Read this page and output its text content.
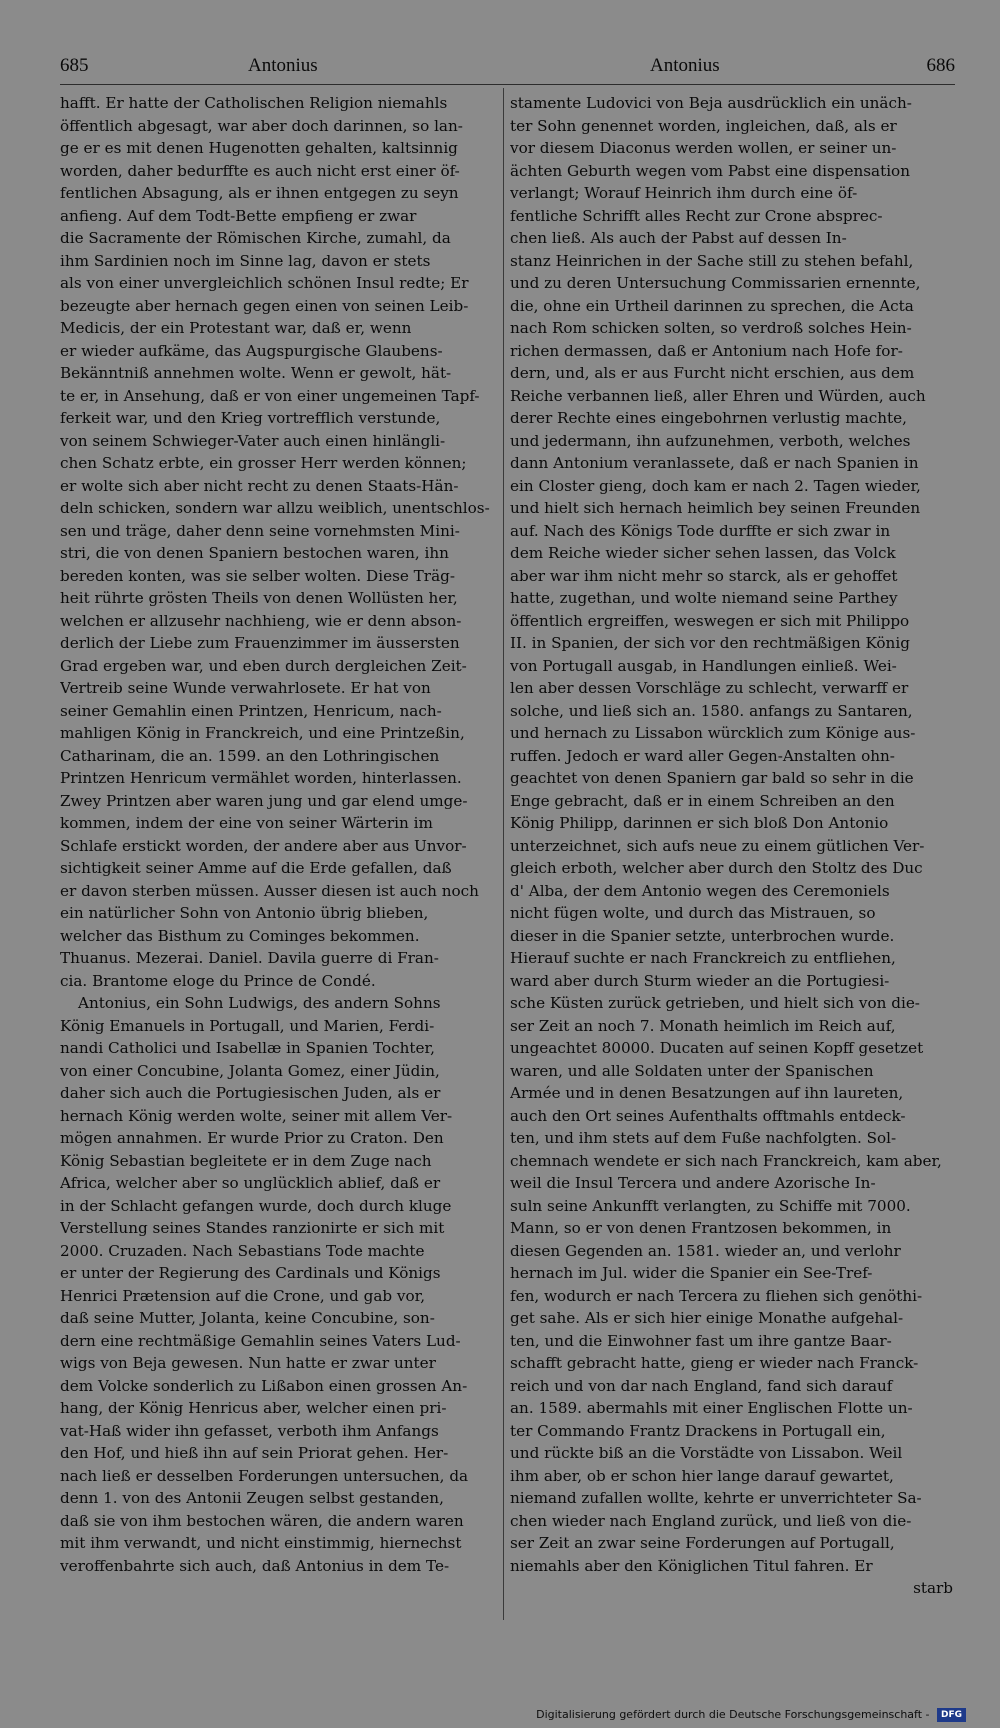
685	Antonius	Antonius	686
hafft. Er hatte der Catholischen Religion niemahls
öffentlich abgesagt, war aber doch darinnen, so lan-
ge er es mit denen Hugenotten gehalten, kaltsinnig
worden, daher bedurffte es auch nicht erst einer öf-
fentlichen Absagung, als er ihnen entgegen zu seyn
anfieng. Auf dem Todt-Bette empfieng er zwar
die Sacramente der Römischen Kirche, zumahl, da
ihm Sardinien noch im Sinne lag, davon er stets
als von einer unvergleichlich schönen Insul redte; Er
bezeugte aber hernach gegen einen von seinen Leib-
Medicis, der ein Protestant war, daß er, wenn
er wieder aufkäme, das Augspurgische Glaubens-
Bekänntniß annehmen wolte. Wenn er gewolt, hät-
te er, in Ansehung, daß er von einer ungemeinen Tapf-
ferkeit war, und den Krieg vortrefflich verstunde,
von seinem Schwieger-Vater auch einen hinlängli-
chen Schatz erbte, ein grosser Herr werden können;
er wolte sich aber nicht recht zu denen Staats-Hän-
deln schicken, sondern war allzu weiblich, unentschlos-
sen und träge, daher denn seine vornehmsten Mini-
stri, die von denen Spaniern bestochen waren, ihn
bereden konten, was sie selber wolten. Diese Träg-
heit rührte grösten Theils von denen Wollüsten her,
welchen er allzusehr nachhieng, wie er denn abson-
derlich der Liebe zum Frauenzimmer im äussersten
Grad ergeben war, und eben durch dergleichen Zeit-
Vertreib seine Wunde verwahrlosete. Er hat von
seiner Gemahlin einen Printzen, Henricum, nach-
mahligen König in Franckreich, und eine Printzeßin,
Catharinam, die an. 1599. an den Lothringischen
Printzen Henricum vermählet worden, hinterlassen.
Zwey Printzen aber waren jung und gar elend umge-
kommen, indem der eine von seiner Wärterin im
Schlafe erstickt worden, der andere aber aus Unvor-
sichtigkeit seiner Amme auf die Erde gefallen, daß
er davon sterben müssen. Ausser diesen ist auch noch
ein natürlicher Sohn von Antonio übrig blieben,
welcher das Bisthum zu Cominges bekommen.
Thuanus. Mezerai. Daniel. Davila guerre di Fran-
cia. Brantome eloge du Prince de Condé.
Antonius, ein Sohn Ludwigs, des andern Sohns
König Emanuels in Portugall, und Marien, Ferdi-
nandi Catholici und Isabellæ in Spanien Tochter,
von einer Concubine, Jolanta Gomez, einer Jüdin,
daher sich auch die Portugiesischen Juden, als er
hernach König werden wolte, seiner mit allem Ver-
mögen annahmen. Er wurde Prior zu Craton. Den
König Sebastian begleitete er in dem Zuge nach
Africa, welcher aber so unglücklich ablief, daß er
in der Schlacht gefangen wurde, doch durch kluge
Verstellung seines Standes ranzionirte er sich mit
2000. Cruzaden. Nach Sebastians Tode machte
er unter der Regierung des Cardinals und Königs
Henrici Prætension auf die Crone, und gab vor,
daß seine Mutter, Jolanta, keine Concubine, son-
dern eine rechtmäßige Gemahlin seines Vaters Lud-
wigs von Beja gewesen. Nun hatte er zwar unter
dem Volcke sonderlich zu Lißabon einen grossen An-
hang, der König Henricus aber, welcher einen pri-
vat-Haß wider ihn gefasset, verboth ihm Anfangs
den Hof, und hieß ihn auf sein Priorat gehen. Her-
nach ließ er desselben Forderungen untersuchen, da
denn 1. von des Antonii Zeugen selbst gestanden,
daß sie von ihm bestochen wären, die andern waren
mit ihm verwandt, und nicht einstimmig, hiernechst
veroffenbahrte sich auch, daß Antonius in dem Te-
stamente Ludovici von Beja ausdrücklich ein unäch-
ter Sohn genennet worden, ingleichen, daß, als er
vor diesem Diaconus werden wollen, er seiner un-
ächten Geburth wegen vom Pabst eine dispensation
verlangt; Worauf Heinrich ihm durch eine öf-
fentliche Schrifft alles Recht zur Crone absprec-
chen ließ. Als auch der Pabst auf dessen In-
stanz Heinrichen in der Sache still zu stehen befahl,
und zu deren Untersuchung Commissarien ernennte,
die, ohne ein Urtheil darinnen zu sprechen, die Acta
nach Rom schicken solten, so verdroß solches Hein-
richen dermassen, daß er Antonium nach Hofe for-
dern, und, als er aus Furcht nicht erschien, aus dem
Reiche verbannen ließ, aller Ehren und Würden, auch
derer Rechte eines eingebohrnen verlustig machte,
und jedermann, ihn aufzunehmen, verboth, welches
dann Antonium veranlassete, daß er nach Spanien in
ein Closter gieng, doch kam er nach 2. Tagen wieder,
und hielt sich hernach heimlich bey seinen Freunden
auf. Nach des Königs Tode durffte er sich zwar in
dem Reiche wieder sicher sehen lassen, das Volck
aber war ihm nicht mehr so starck, als er gehoffet
hatte, zugethan, und wolte niemand seine Parthey
öffentlich ergreiffen, weswegen er sich mit Philippo
II. in Spanien, der sich vor den rechtmäßigen König
von Portugall ausgab, in Handlungen einließ. Wei-
len aber dessen Vorschläge zu schlecht, verwarff er
solche, und ließ sich an. 1580. anfangs zu Santaren,
und hernach zu Lissabon würcklich zum Könige aus-
ruffen. Jedoch er ward aller Gegen-Anstalten ohn-
geachtet von denen Spaniern gar bald so sehr in die
Enge gebracht, daß er in einem Schreiben an den
König Philipp, darinnen er sich bloß Don Antonio
unterzeichnet, sich aufs neue zu einem gütlichen Ver-
gleich erboth, welcher aber durch den Stoltz des Duc
d' Alba, der dem Antonio wegen des Ceremoniels
nicht fügen wolte, und durch das Mistrauen, so
dieser in die Spanier setzte, unterbrochen wurde.
Hierauf suchte er nach Franckreich zu entfliehen,
ward aber durch Sturm wieder an die Portugiesi-
sche Küsten zurück getrieben, und hielt sich von die-
ser Zeit an noch 7. Monath heimlich im Reich auf,
ungeachtet 80000. Ducaten auf seinen Kopff gesetzet
waren, und alle Soldaten unter der Spanischen
Armée und in denen Besatzungen auf ihn laureten,
auch den Ort seines Aufenthalts offtmahls entdeck-
ten, und ihm stets auf dem Fuße nachfolgten. Sol-
chemnach wendete er sich nach Franckreich, kam aber,
weil die Insul Tercera und andere Azorische In-
suln seine Ankunfft verlangten, zu Schiffe mit 7000.
Mann, so er von denen Frantzosen bekommen, in
diesen Gegenden an. 1581. wieder an, und verlohr
hernach im Jul. wider die Spanier ein See-Tref-
fen, wodurch er nach Tercera zu fliehen sich genöthi-
get sahe. Als er sich hier einige Monathe aufgehal-
ten, und die Einwohner fast um ihre gantze Baar-
schafft gebracht hatte, gieng er wieder nach Franck-
reich und von dar nach England, fand sich darauf
an. 1589. abermahls mit einer Englischen Flotte un-
ter Commando Frantz Drackens in Portugall ein,
und rückte biß an die Vorstädte von Lissabon. Weil
ihm aber, ob er schon hier lange darauf gewartet,
niemand zufallen wollte, kehrte er unverrichteter Sa-
chen wieder nach England zurück, und ließ von die-
ser Zeit an zwar seine Forderungen auf Portugall,
niemahls aber den Königlichen Titul fahren. Er
starb
Digitalisierung gefördert durch die Deutsche Forschungsgemeinschaft - DFG
